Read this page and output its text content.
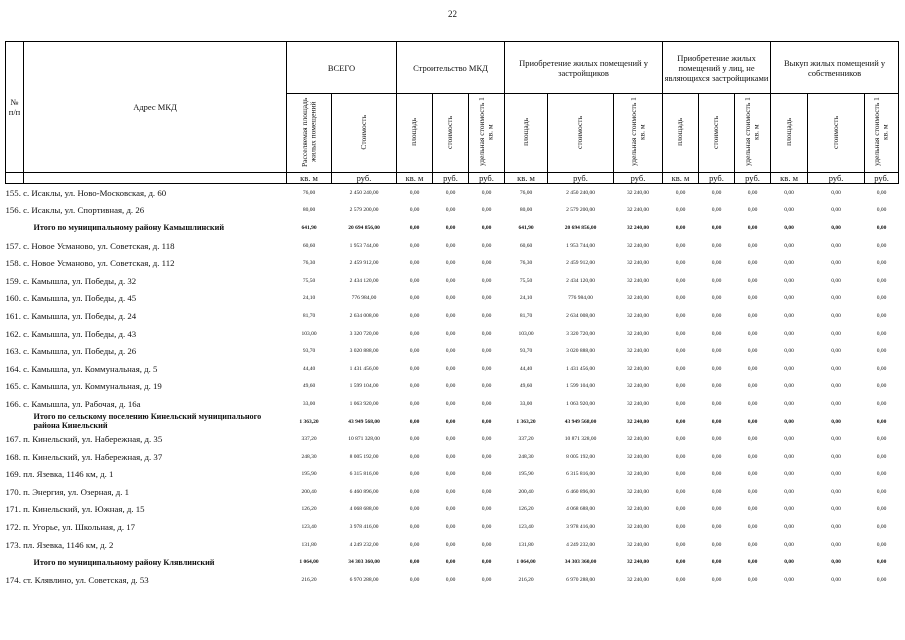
22
№ п/п	Адрес МКД	ВСЕГО		Строительство МКД			Приобретение жилых помещений у застройщиков			Приобретение жилых помещений у лиц, не являющихся застройщиками			Выкуп жилых помещений у собственников		
		Расселяемая площадь жилых помещений	Стоимость	площадь	стоимость	удельная стоимость 1 кв. м	площадь	стоимость	удельная стоимость 1 кв. м	площадь	стоимость	удельная стоимость 1 кв. м	площадь	стоимость	удельная стоимость 1 кв. м
		кв. м	руб.	кв. м	руб.	руб.	кв. м	руб.	руб.	кв. м	руб.	руб.	кв. м	руб.	руб.
155. с. Исаклы, ул. Ново-Московская, д. 60		76,00	2 450 240,00	0,00	0,00	0,00	76,00	2 450 240,00	32 240,00	0,00	0,00	0,00	0,00	0,00	0,00
156. с. Исаклы, ул. Спортивная, д. 26		80,00	2 579 200,00	0,00	0,00	0,00	80,00	2 579 200,00	32 240,00	0,00	0,00	0,00	0,00	0,00	0,00
Итого по муниципальному району Камышлинский		641,90	20 694 856,00	0,00	0,00	0,00	641,90	20 694 856,00	32 240,00	0,00	0,00	0,00	0,00	0,00	0,00
157. с. Новое Усманово, ул. Советская, д. 118		60,60	1 953 744,00	0,00	0,00	0,00	60,60	1 953 744,00	32 240,00	0,00	0,00	0,00	0,00	0,00	0,00
158. с. Новое Усманово, ул. Советская, д. 112		76,30	2 459 912,00	0,00	0,00	0,00	76,30	2 459 912,00	32 240,00	0,00	0,00	0,00	0,00	0,00	0,00
159. с. Камышла, ул. Победы, д. 32		75,50	2 434 120,00	0,00	0,00	0,00	75,50	2 434 120,00	32 240,00	0,00	0,00	0,00	0,00	0,00	0,00
160. с. Камышла, ул. Победы, д. 45		24,10	776 984,00	0,00	0,00	0,00	24,10	776 984,00	32 240,00	0,00	0,00	0,00	0,00	0,00	0,00
161. с. Камышла, ул. Победы, д. 24		81,70	2 634 008,00	0,00	0,00	0,00	81,70	2 634 008,00	32 240,00	0,00	0,00	0,00	0,00	0,00	0,00
162. с. Камышла, ул. Победы, д. 43		103,00	3 320 720,00	0,00	0,00	0,00	103,00	3 320 720,00	32 240,00	0,00	0,00	0,00	0,00	0,00	0,00
163. с. Камышла, ул. Победы, д. 26		93,70	3 020 888,00	0,00	0,00	0,00	93,70	3 020 888,00	32 240,00	0,00	0,00	0,00	0,00	0,00	0,00
164. с. Камышла, ул. Коммунальная, д. 5		44,40	1 431 456,00	0,00	0,00	0,00	44,40	1 431 456,00	32 240,00	0,00	0,00	0,00	0,00	0,00	0,00
165. с. Камышла, ул. Коммунальная, д. 19		49,60	1 599 104,00	0,00	0,00	0,00	49,60	1 599 104,00	32 240,00	0,00	0,00	0,00	0,00	0,00	0,00
166. с. Камышла, ул. Рабочая, д. 16а		33,00	1 063 920,00	0,00	0,00	0,00	33,00	1 063 920,00	32 240,00	0,00	0,00	0,00	0,00	0,00	0,00
Итого по сельскому поселению Кинельский муниципального района Кинельский		1 363,20	43 949 568,00	0,00	0,00	0,00	1 363,20	43 949 568,00	32 240,00	0,00	0,00	0,00	0,00	0,00	0,00
167. п. Кинельский, ул. Набережная, д. 35		337,20	10 871 328,00	0,00	0,00	0,00	337,20	10 871 328,00	32 240,00	0,00	0,00	0,00	0,00	0,00	0,00
168. п. Кинельский, ул. Набережная, д. 37		248,30	8 005 192,00	0,00	0,00	0,00	248,30	8 005 192,00	32 240,00	0,00	0,00	0,00	0,00	0,00	0,00
169. пл. Язевка, 1146 км, д. 1		195,90	6 315 816,00	0,00	0,00	0,00	195,90	6 315 816,00	32 240,00	0,00	0,00	0,00	0,00	0,00	0,00
170. п. Энергия, ул. Озерная, д. 1		200,40	6 460 896,00	0,00	0,00	0,00	200,40	6 460 896,00	32 240,00	0,00	0,00	0,00	0,00	0,00	0,00
171. п. Кинельский, ул. Южная, д. 15		126,20	4 068 688,00	0,00	0,00	0,00	126,20	4 068 688,00	32 240,00	0,00	0,00	0,00	0,00	0,00	0,00
172. п. Угорье, ул. Школьная, д. 17		123,40	3 978 416,00	0,00	0,00	0,00	123,40	3 978 416,00	32 240,00	0,00	0,00	0,00	0,00	0,00	0,00
173. пл. Язевка, 1146 км, д. 2		131,80	4 249 232,00	0,00	0,00	0,00	131,80	4 249 232,00	32 240,00	0,00	0,00	0,00	0,00	0,00	0,00
Итого по муниципальному району Клявлинский		1 064,00	34 303 360,00	0,00	0,00	0,00	1 064,00	34 303 360,00	32 240,00	0,00	0,00	0,00	0,00	0,00	0,00
174. ст. Клявлино, ул. Советская, д. 53		216,20	6 970 288,00	0,00	0,00	0,00	216,20	6 970 288,00	32 240,00	0,00	0,00	0,00	0,00	0,00	0,00
